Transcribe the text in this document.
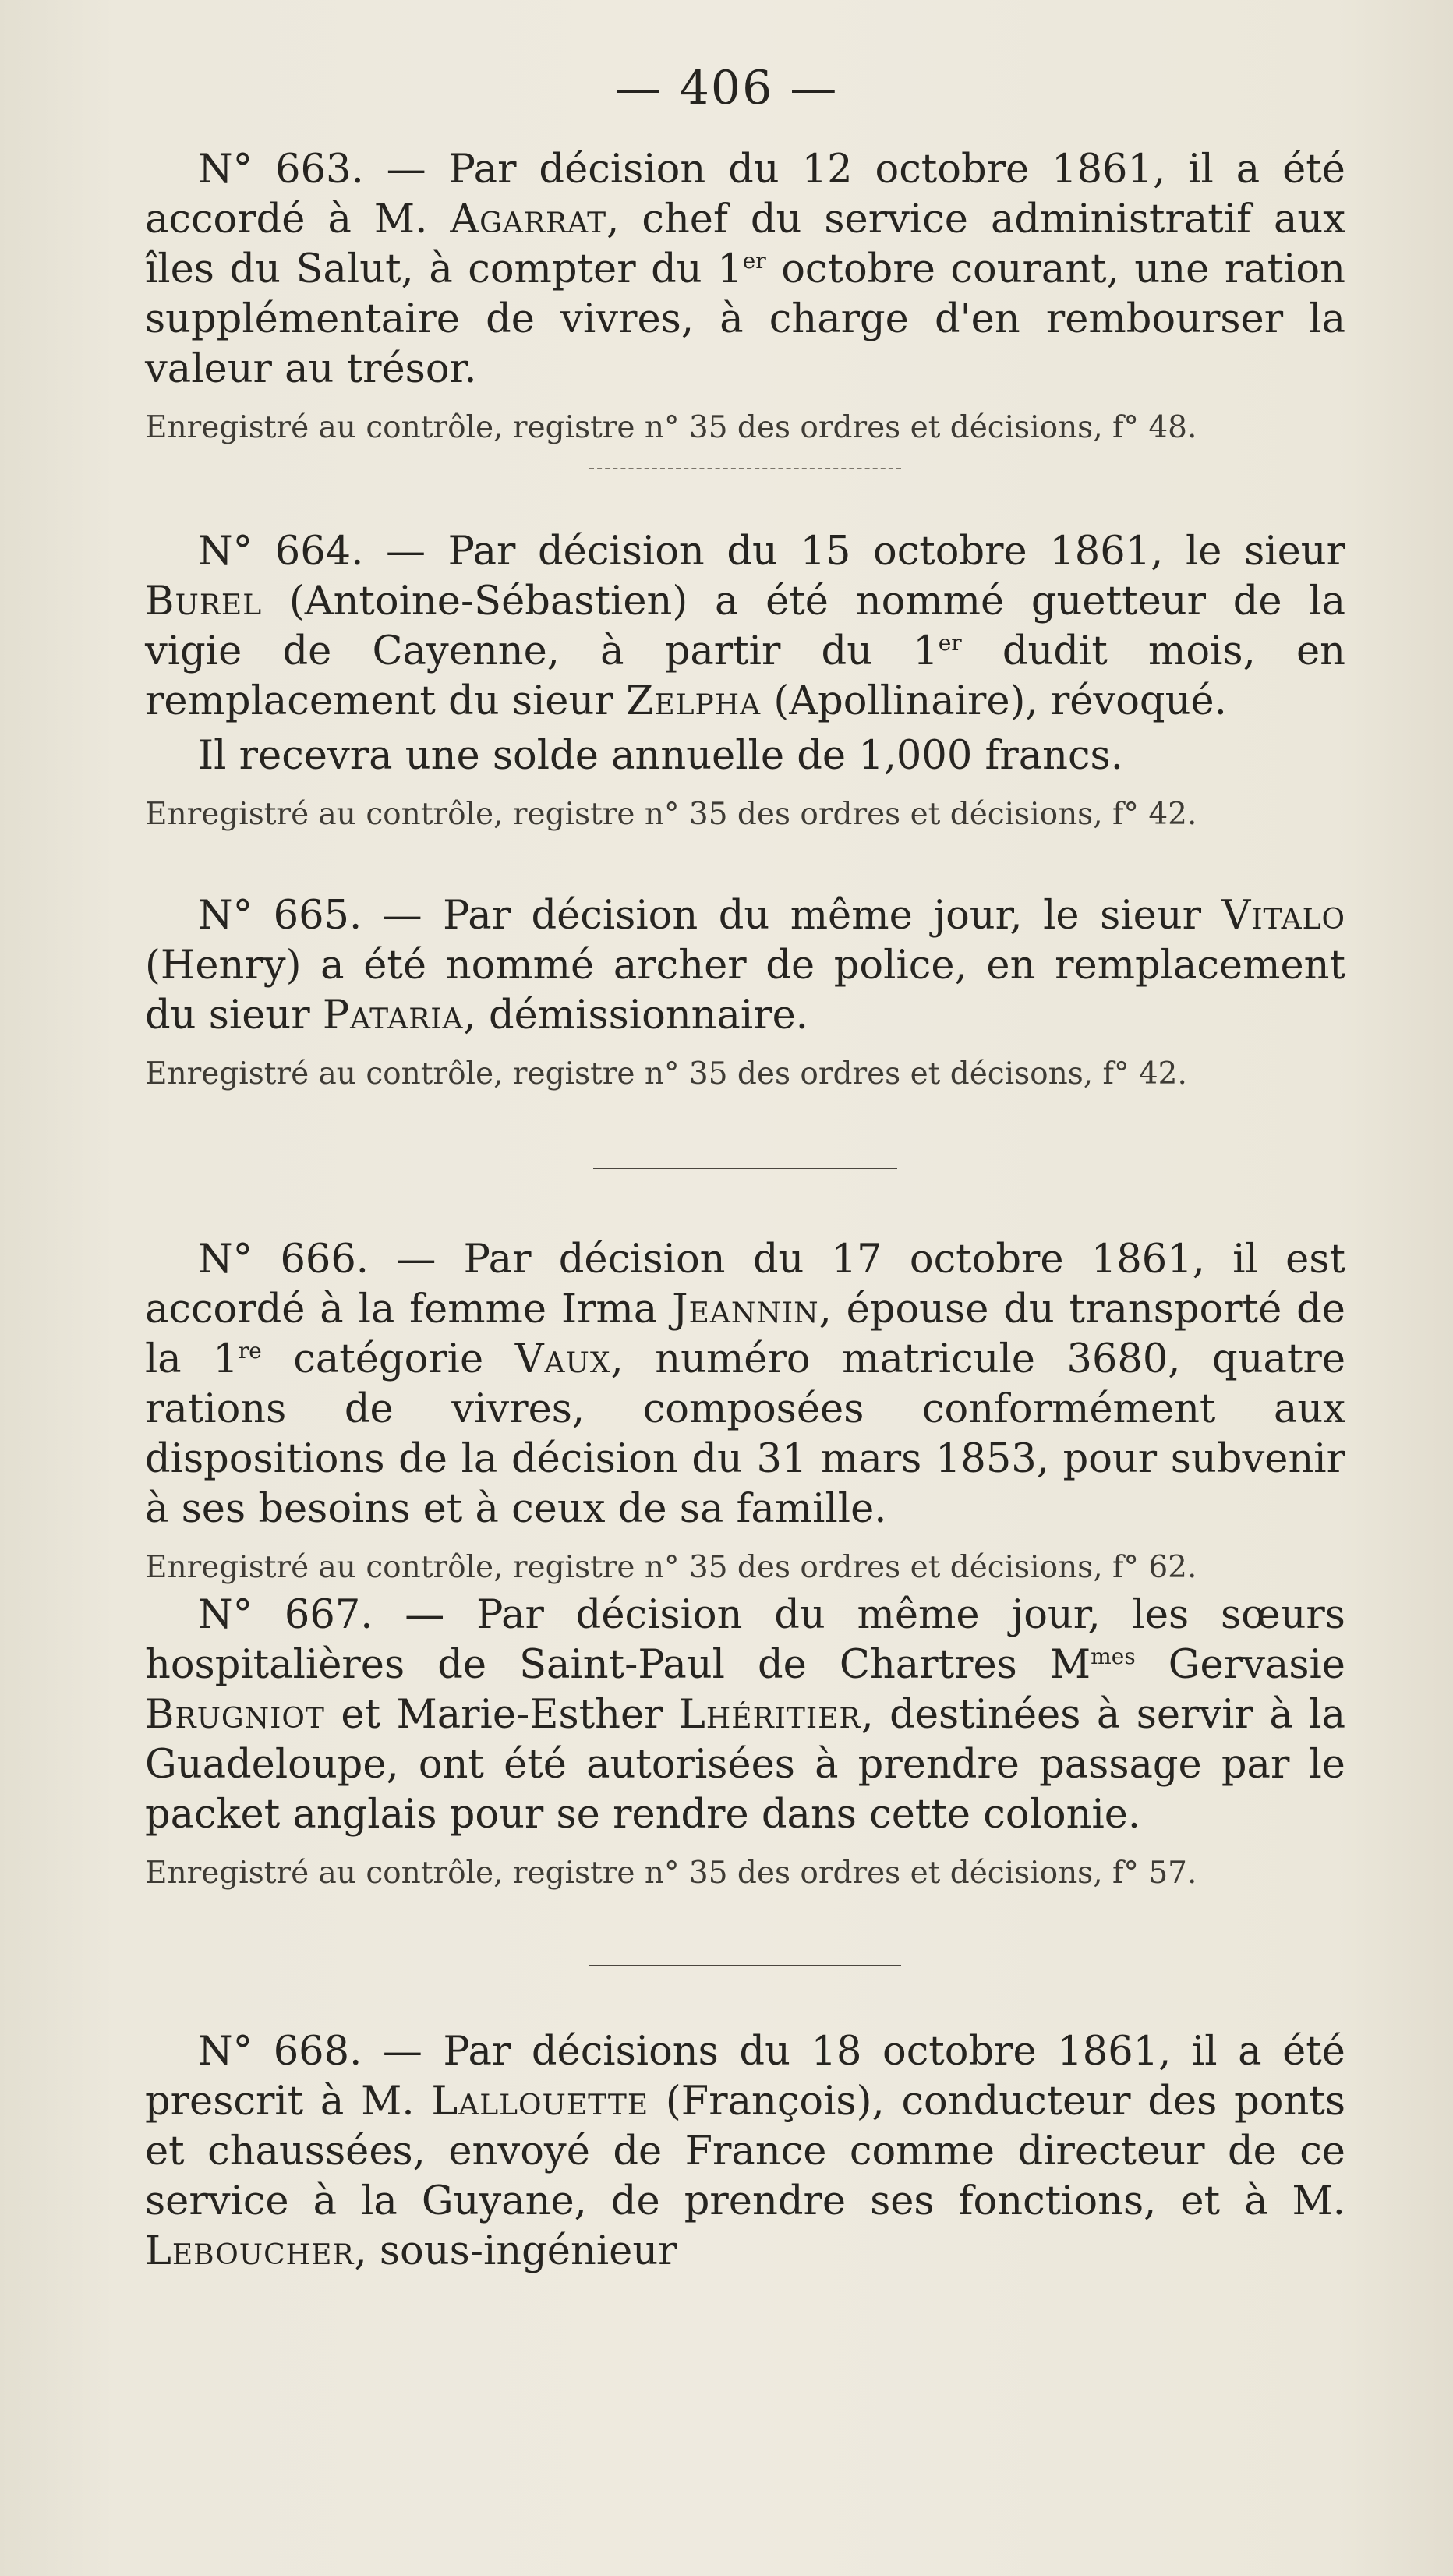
— 406 —

N° 663. — Par décision du 12 octobre 1861, il a été accordé à M. Agarrat, chef du service administratif aux îles du Salut, à compter du 1er octobre courant, une ration supplémentaire de vivres, à charge d'en rembourser la valeur au trésor.

Enregistré au contrôle, registre n° 35 des ordres et décisions, f° 48.

N° 664. — Par décision du 15 octobre 1861, le sieur Burel (Antoine-Sébastien) a été nommé guetteur de la vigie de Cayenne, à partir du 1er dudit mois, en remplacement du sieur Zelpha (Apollinaire), révoqué.

Il recevra une solde annuelle de 1,000 francs.

Enregistré au contrôle, registre n° 35 des ordres et décisions, f° 42.

N° 665. — Par décision du même jour, le sieur Vitalo (Henry) a été nommé archer de police, en remplacement du sieur Pataria, démissionnaire.

Enregistré au contrôle, registre n° 35 des ordres et décisons, f° 42.

N° 666. — Par décision du 17 octobre 1861, il est accordé à la femme Irma Jeannin, épouse du transporté de la 1re catégorie Vaux, numéro matricule 3680, quatre rations de vivres, composées conformément aux dispositions de la décision du 31 mars 1853, pour subvenir à ses besoins et à ceux de sa famille.

Enregistré au contrôle, registre n° 35 des ordres et décisions, f° 62.

N° 667. — Par décision du même jour, les sœurs hospitalières de Saint-Paul de Chartres $M^{mes}$ Gervasie Brugniot et Marie-Esther Lhéritier, destinées à servir à la Guadeloupe, ont été autorisées à prendre passage par le packet anglais pour se rendre dans cette colonie.

Enregistré au contrôle, registre n° 35 des ordres et décisions, f° 57.

N° 668. — Par décisions du 18 octobre 1861, il a été prescrit à M. Lallouette (François), conducteur des ponts et chaussées, envoyé de France comme directeur de ce service à la Guyane, de prendre ses fonctions, et à M. Leboucher, sous-ingénieur
